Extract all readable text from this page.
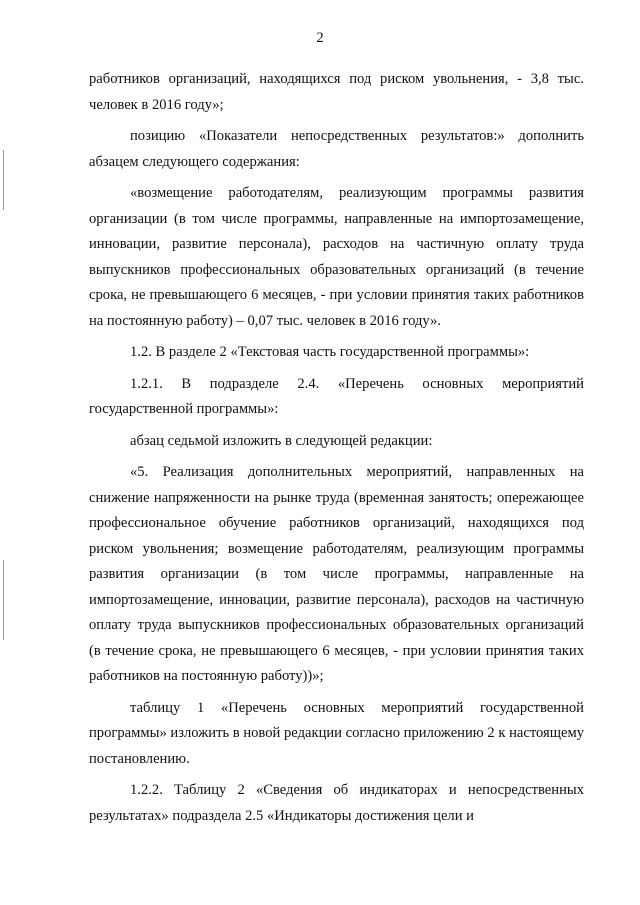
2

работников организаций, находящихся под риском увольнения, - 3,8 тыс. человек в 2016 году»;

позицию «Показатели непосредственных результатов:» дополнить абзацем следующего содержания:

«возмещение работодателям, реализующим программы развития организации (в том числе программы, направленные на импортозамещение, инновации, развитие персонала), расходов на частичную оплату труда выпускников профессиональных образовательных организаций (в течение срока, не превышающего 6 месяцев, - при условии принятия таких работников на постоянную работу) – 0,07 тыс. человек в 2016 году».

1.2. В разделе 2 «Текстовая часть государственной программы»:

1.2.1. В подразделе 2.4. «Перечень основных мероприятий государственной программы»:

абзац седьмой изложить в следующей редакции:

«5. Реализация дополнительных мероприятий, направленных на снижение напряженности на рынке труда (временная занятость; опережающее профессиональное обучение работников организаций, находящихся под риском увольнения; возмещение работодателям, реализующим программы развития организации (в том числе программы, направленные на импортозамещение, инновации, развитие персонала), расходов на частичную оплату труда выпускников профессиональных образовательных организаций (в течение срока, не превышающего 6 месяцев, - при условии принятия таких работников на постоянную работу))»;

таблицу 1 «Перечень основных мероприятий государственной программы» изложить в новой редакции согласно приложению 2 к настоящему постановлению.

1.2.2. Таблицу 2 «Сведения об индикаторах и непосредственных результатах» подраздела 2.5 «Индикаторы достижения цели и
